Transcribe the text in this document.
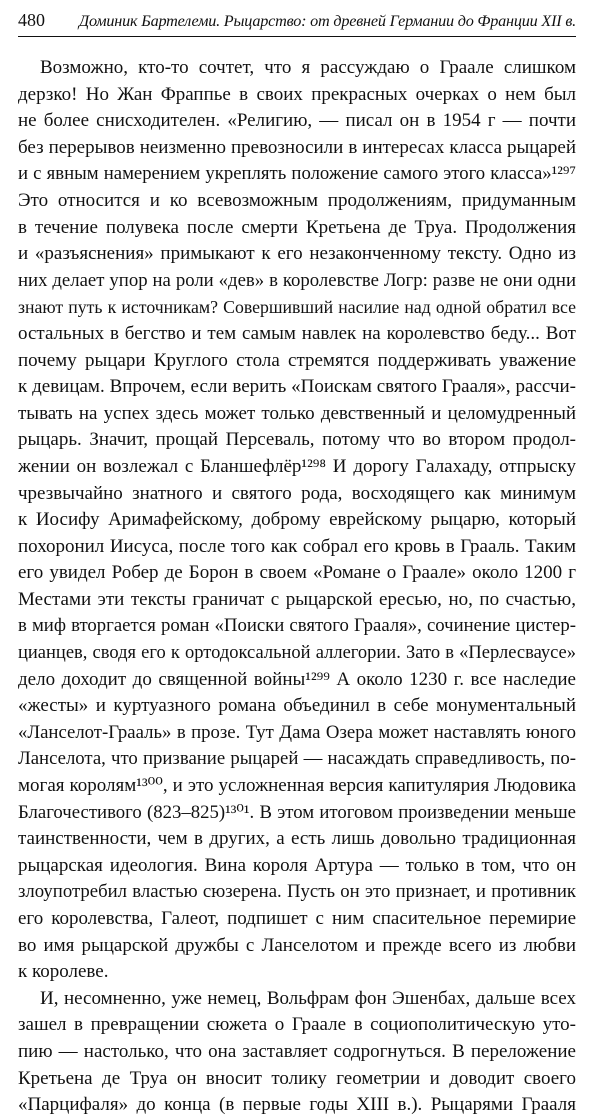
480	Доминик Бартелеми. Рыцарство: от древней Германии до Франции XII в.
Возможно, кто-то сочтет, что я рассуждаю о Граале слишком
дерзко! Но Жан Фраппье в своих прекрасных очерках о нем был
не более снисходителен. «Религию, — писал он в 1954 г — почти
без перерывов неизменно превозносили в интересах класса рыцарей
и с явным намерением укреплять положение самого этого класса»¹²⁹⁷
Это относится и ко всевозможным продолжениям, придуманным
в течение полувека после смерти Кретьена де Труа. Продолжения
и «разъяснения» примыкают к его незаконченному тексту. Одно из
них делает упор на роли «дев» в королевстве Логр: разве не они одни
знают путь к источникам? Совершивший насилие над одной обратил все
остальных в бегство и тем самым навлек на королевство беду... Вот
почему рыцари Круглого стола стремятся поддерживать уважение
к девицам. Впрочем, если верить «Поискам святого Грааля», рассчи-
тывать на успех здесь может только девственный и целомудренный
рыцарь. Значит, прощай Персеваль, потому что во втором продол-
жении он возлежал с Бланшефлёр¹²⁹⁸ И дорогу Галахаду, отпрыску
чрезвычайно знатного и святого рода, восходящего как минимум
к Иосифу Аримафейскому, доброму еврейскому рыцарю, который
похоронил Иисуса, после того как собрал его кровь в Грааль. Таким
его увидел Робер де Борон в своем «Романе о Граале» около 1200 г
Местами эти тексты граничат с рыцарской ересью, но, по счастью,
в миф вторгается роман «Поиски святого Грааля», сочинение цистер-
цианцев, сводя его к ортодоксальной аллегории. Зато в «Перлесваусе»
дело доходит до священной войны¹²⁹⁹ А около 1230 г. все наследие
«жесты» и куртуазного романа объединил в себе монументальный
«Ланселот-Грааль» в прозе. Тут Дама Озера может наставлять юного
Ланселота, что призвание рыцарей — насаждать справедливость, по-
могая королям¹³⁰⁰, и это усложненная версия капитулярия Людовика
Благочестивого (823–825)¹³⁰¹. В этом итоговом произведении меньше
таинственности, чем в других, а есть лишь довольно традиционная
рыцарская идеология. Вина короля Артура — только в том, что он
злоупотребил властью сюзерена. Пусть он это признает, и противник
его королевства, Галеот, подпишет с ним спасительное перемирие
во имя рыцарской дружбы с Ланселотом и прежде всего из любви
к королеве.
И, несомненно, уже немец, Вольфрам фон Эшенбах, дальше всех
зашел в превращении сюжета о Граале в социополитическую уто-
пию — настолько, что она заставляет содрогнуться. В переложение
Кретьена де Труа он вносит толику геометрии и доводит своего
«Парцифаля» до конца (в первые годы XIII в.). Рыцарями Грааля
